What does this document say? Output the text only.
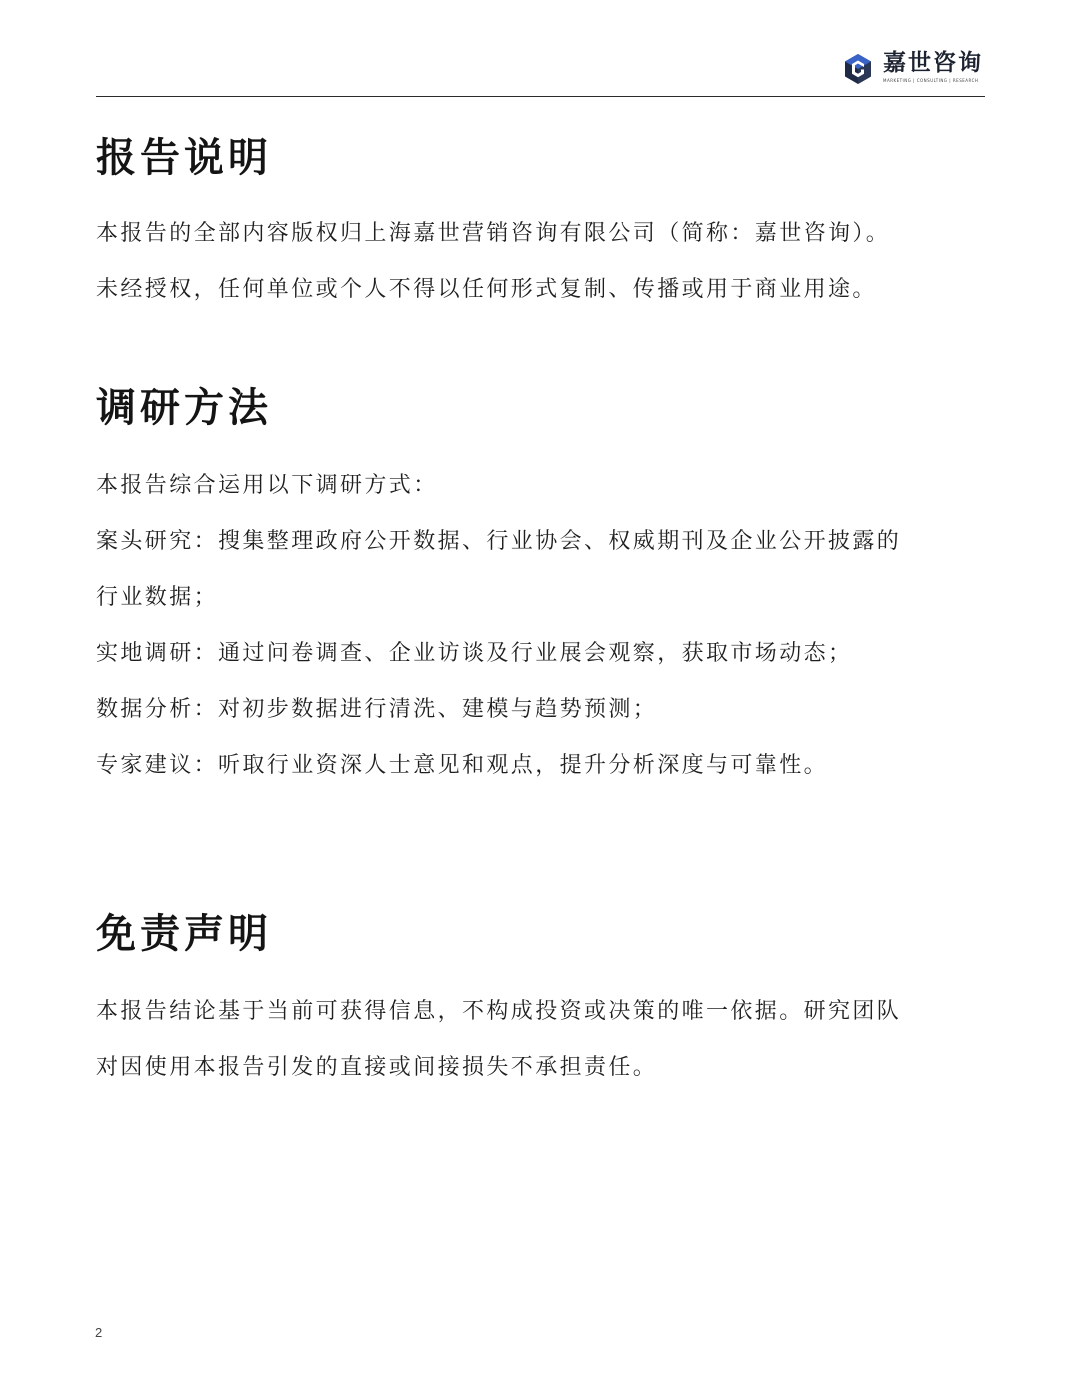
嘉世咨询
MARKETING | CONSULTING | RESEARCH
报告说明

本报告的全部内容版权归上海嘉世营销咨询有限公司（简称：嘉世咨询）。
未经授权，任何单位或个人不得以任何形式复制、传播或用于商业用途。

调研方法

本报告综合运用以下调研方式：
案头研究：搜集整理政府公开数据、行业协会、权威期刊及企业公开披露的
行业数据；
实地调研：通过问卷调查、企业访谈及行业展会观察，获取市场动态；
数据分析：对初步数据进行清洗、建模与趋势预测；
专家建议：听取行业资深人士意见和观点，提升分析深度与可靠性。

免责声明

本报告结论基于当前可获得信息，不构成投资或决策的唯一依据。研究团队
对因使用本报告引发的直接或间接损失不承担责任。

2
